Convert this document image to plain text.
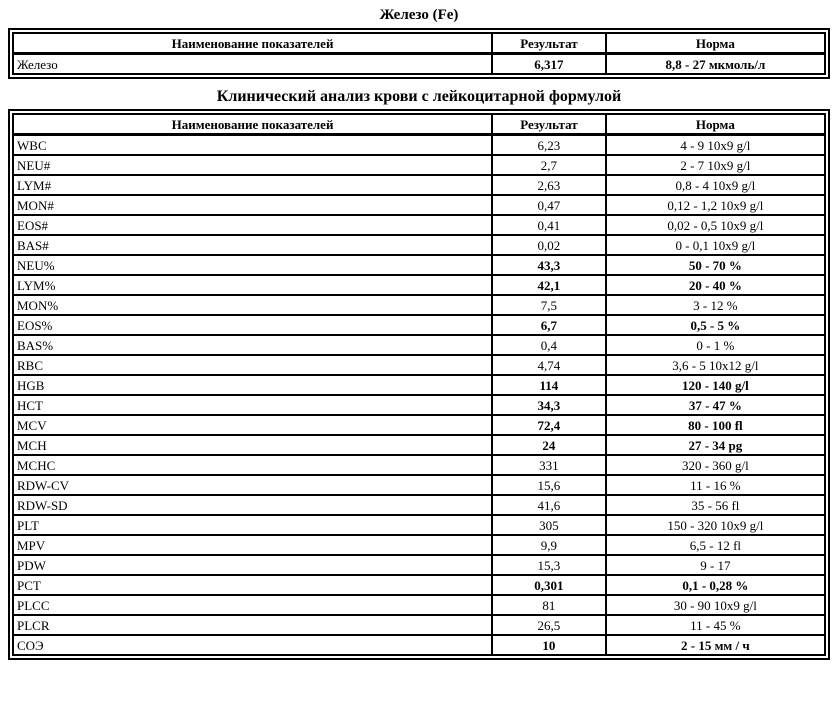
Железо (Fe)
Наименование показателей	Результат	Норма
Железо	6,317	8,8 - 27 мкмоль/л
Клинический анализ крови с лейкоцитарной формулой
Наименование показателей	Результат	Норма
WBC	6,23	4 - 9 10x9 g/l
NEU#	2,7	2 - 7 10x9 g/l
LYM#	2,63	0,8 - 4 10x9 g/l
MON#	0,47	0,12 - 1,2 10x9 g/l
EOS#	0,41	0,02 - 0,5 10x9 g/l
BAS#	0,02	0 - 0,1 10x9 g/l
NEU%	43,3	50 - 70 %
LYM%	42,1	20 - 40 %
MON%	7,5	3 - 12 %
EOS%	6,7	0,5 - 5 %
BAS%	0,4	0 - 1 %
RBC	4,74	3,6 - 5 10x12 g/l
HGB	114	120 - 140 g/l
HCT	34,3	37 - 47 %
MCV	72,4	80 - 100 fl
MCH	24	27 - 34 pg
MCHC	331	320 - 360 g/l
RDW-CV	15,6	11 - 16 %
RDW-SD	41,6	35 - 56 fl
PLT	305	150 - 320 10x9 g/l
MPV	9,9	6,5 - 12 fl
PDW	15,3	9 - 17
PCT	0,301	0,1 - 0,28 %
PLCC	81	30 - 90 10x9 g/l
PLCR	26,5	11 - 45 %
СОЭ	10	2 - 15 мм / ч
